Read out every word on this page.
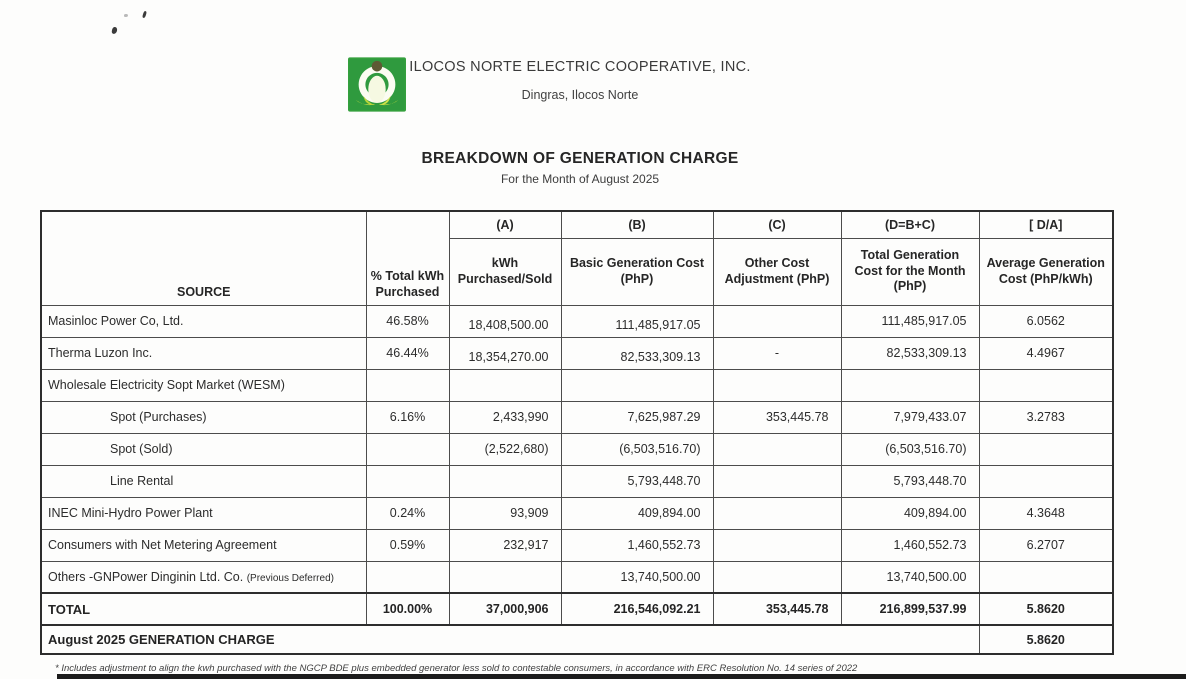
ILOCOS NORTE ELECTRIC COOPERATIVE, INC.
Dingras, Ilocos Norte
BREAKDOWN OF GENERATION CHARGE
For the Month of August 2025
SOURCE	% Total kWh Purchased	(A)	(B)	(C)	(D=B+C)	[ D/A]
		kWh Purchased/Sold	Basic Generation Cost (PhP)	Other Cost Adjustment (PhP)	Total Generation Cost for the Month (PhP)	Average Generation Cost (PhP/kWh)
Masinloc Power Co, Ltd.	46.58%	18,408,500.00	111,485,917.05		111,485,917.05	6.0562
Therma Luzon Inc.	46.44%	18,354,270.00	82,533,309.13	-	82,533,309.13	4.4967
Wholesale Electricity Sopt Market (WESM)						
Spot (Purchases)	6.16%	2,433,990	7,625,987.29	353,445.78	7,979,433.07	3.2783
Spot (Sold)		(2,522,680)	(6,503,516.70)		(6,503,516.70)	
Line Rental			5,793,448.70		5,793,448.70	
INEC Mini-Hydro Power Plant	0.24%	93,909	409,894.00		409,894.00	4.3648
Consumers with Net Metering Agreement	0.59%	232,917	1,460,552.73		1,460,552.73	6.2707
Others -GNPower Dinginin Ltd. Co. (Previous Deferred)			13,740,500.00		13,740,500.00	
TOTAL	100.00%	37,000,906	216,546,092.21	353,445.78	216,899,537.99	5.8620
August 2025 GENERATION CHARGE						5.8620
* Includes adjustment to align the kwh purchased with the NGCP BDE plus embedded generator less sold to contestable consumers, in accordance with ERC Resolution No. 14 series of 2022
